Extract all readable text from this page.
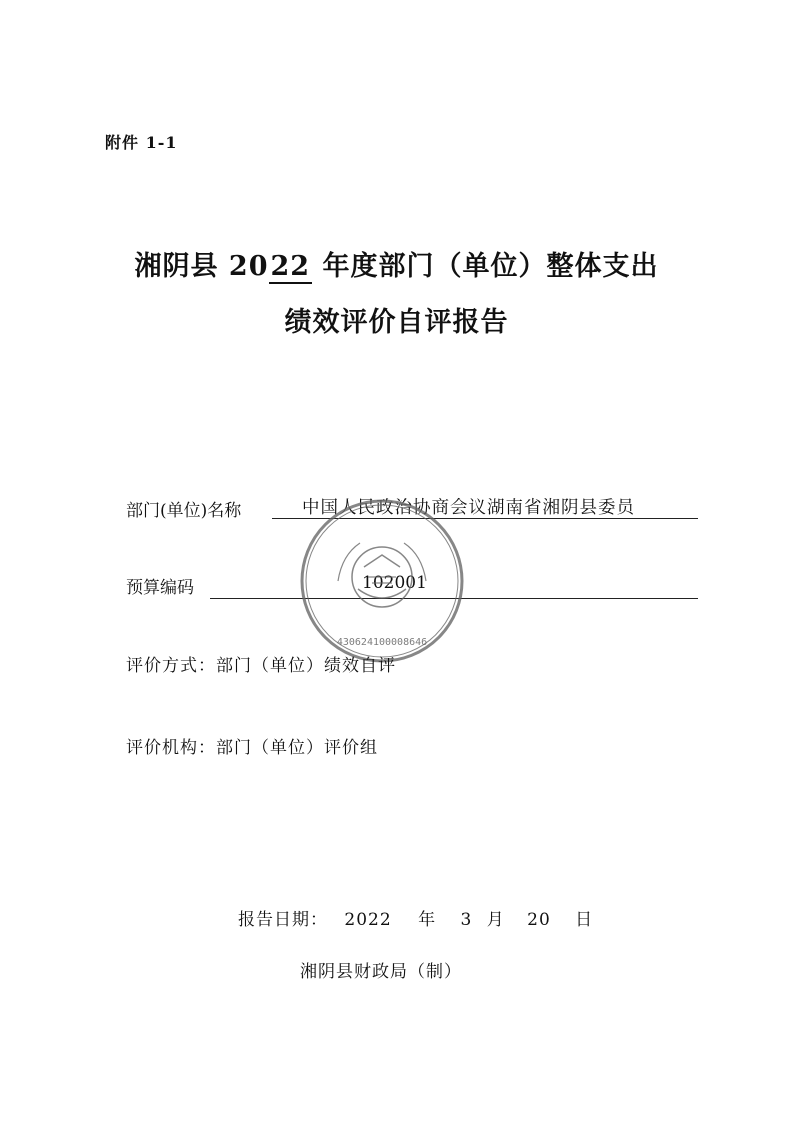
附件 1-1
湘阴县 2022 年度部门（单位）整体支出
绩效评价自评报告
部门(单位)名称	中国人民政治协商会议湖南省湘阴县委员
预算编码	102001
430624100008646
评价方式：部门（单位）绩效自评
评价机构：部门（单位）评价组
报告日期： 2022 年 3 月 20 日
湘阴县财政局（制）
